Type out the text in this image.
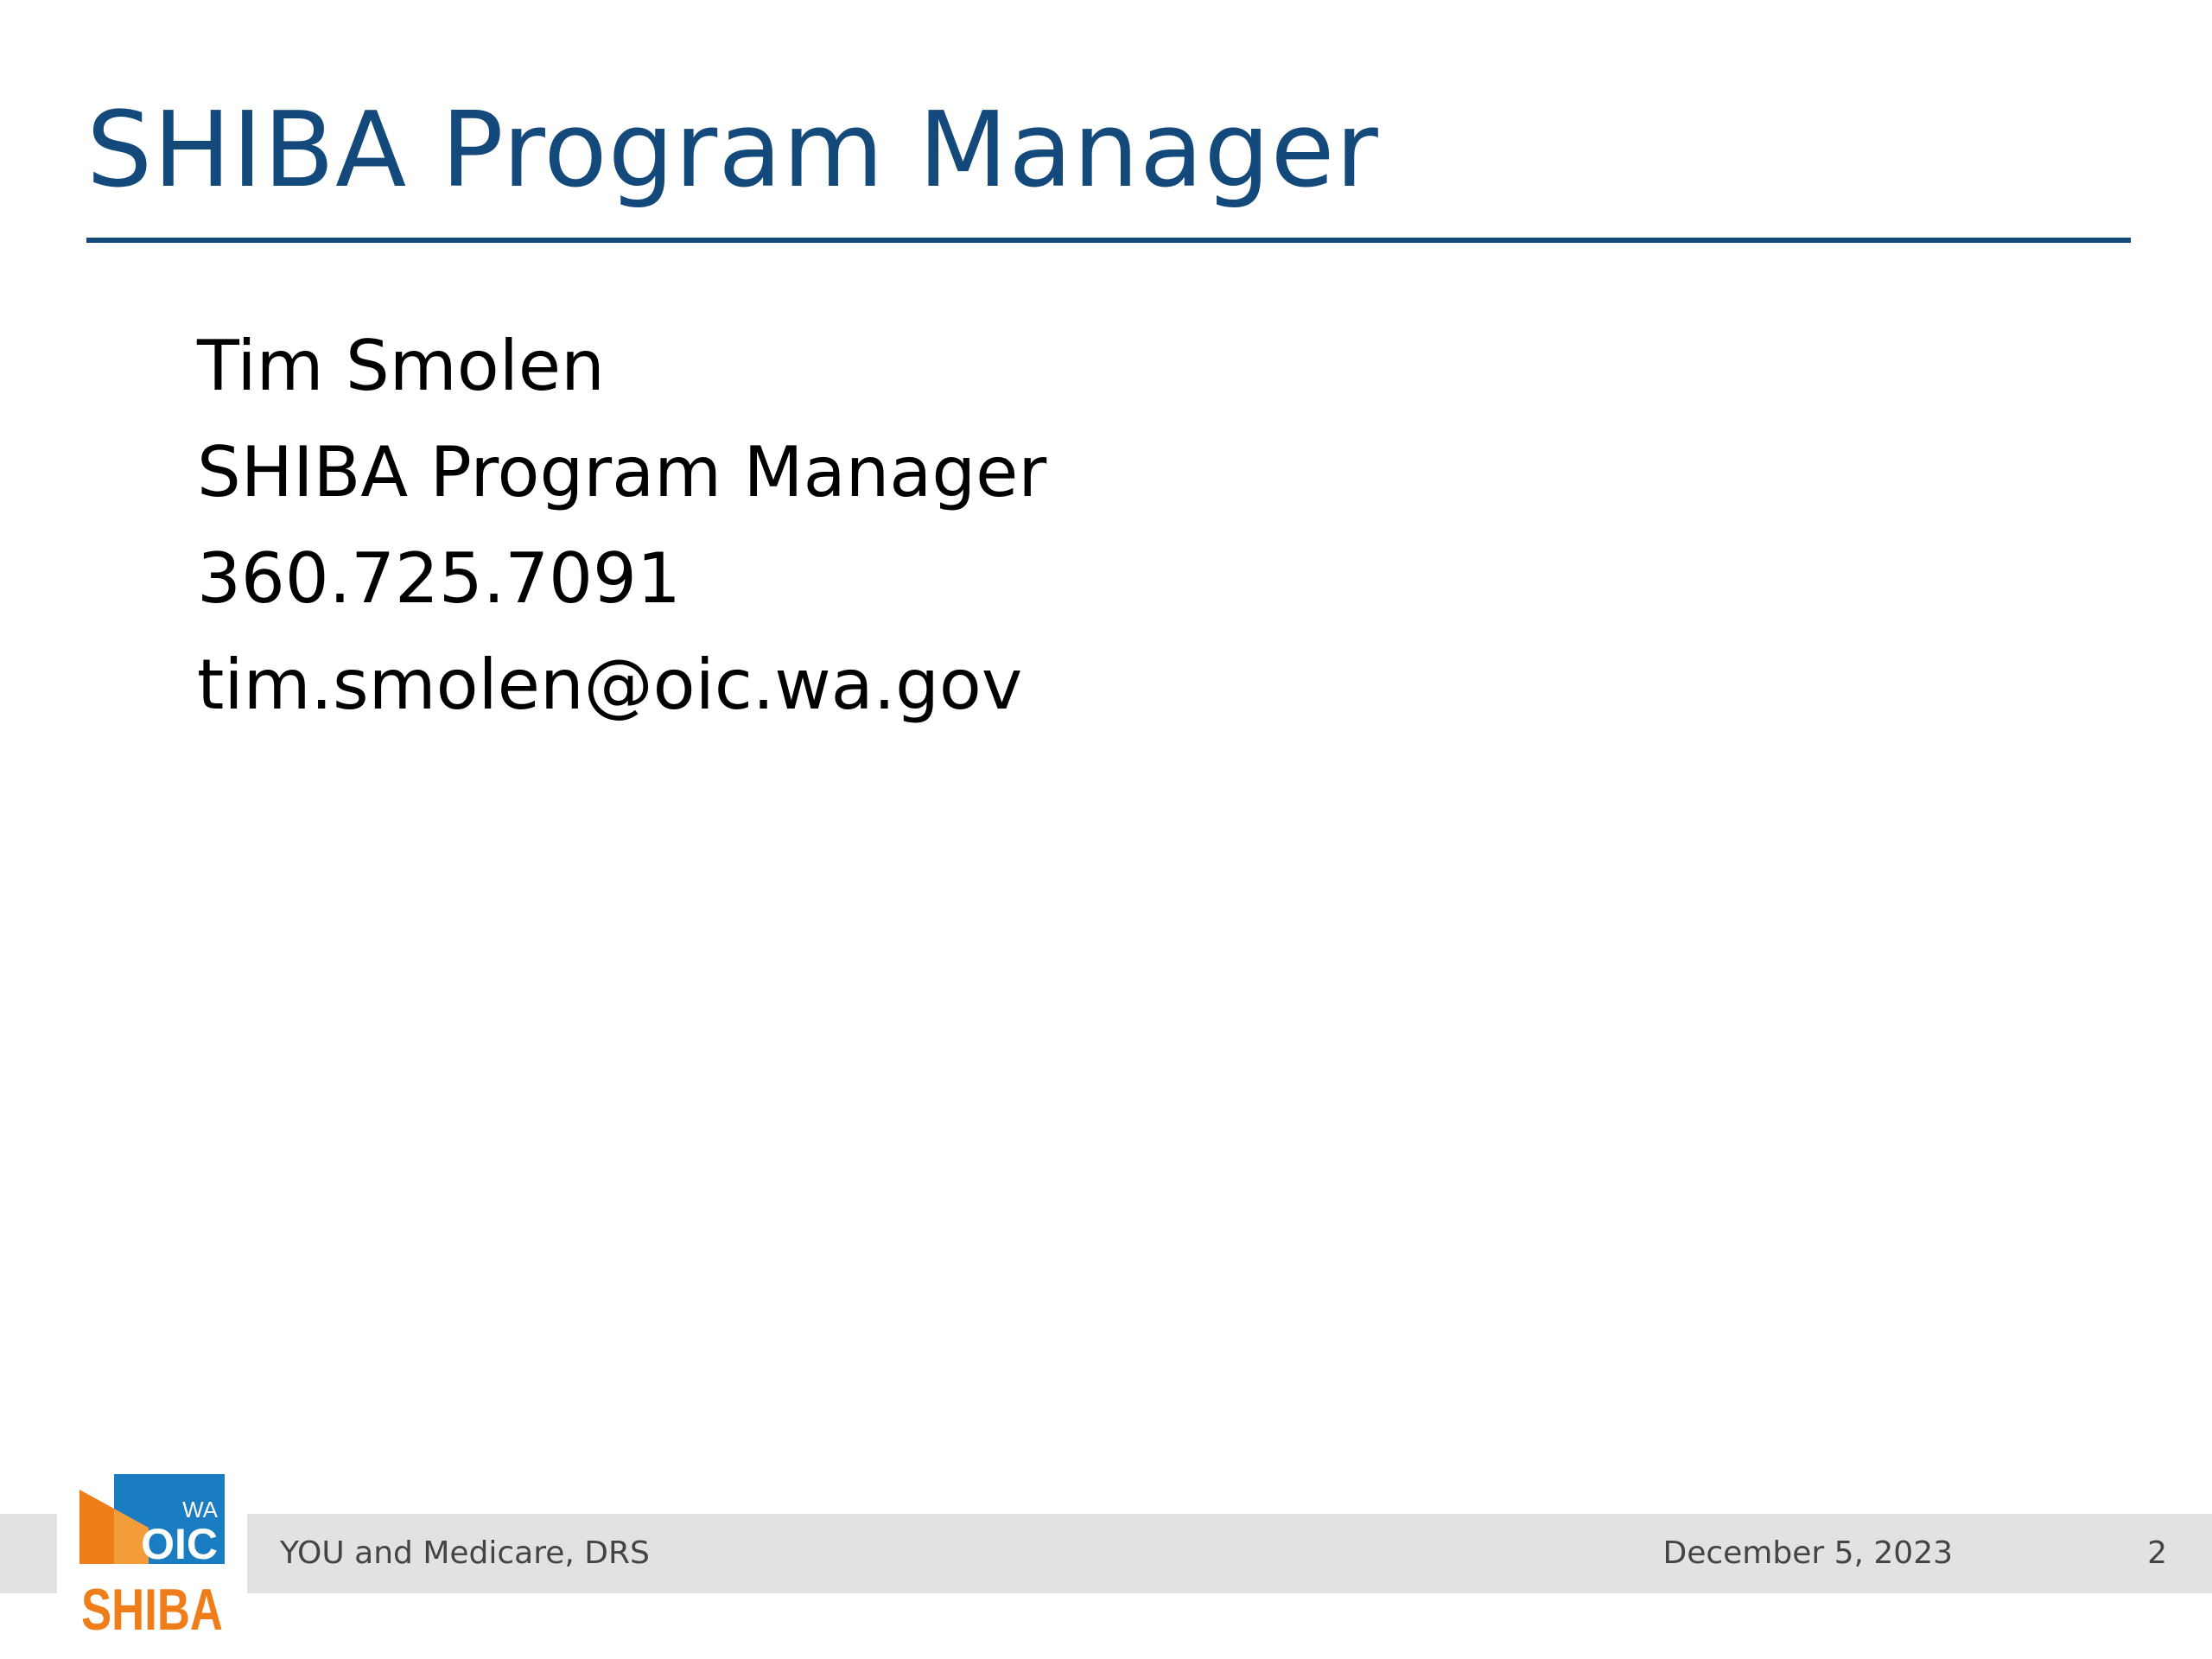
SHIBA Program Manager
Tim Smolen
SHIBA Program Manager
360.725.7091
tim.smolen@oic.wa.gov
WA
OIC
SHIBA
YOU and Medicare, DRS	December 5, 2023	2
